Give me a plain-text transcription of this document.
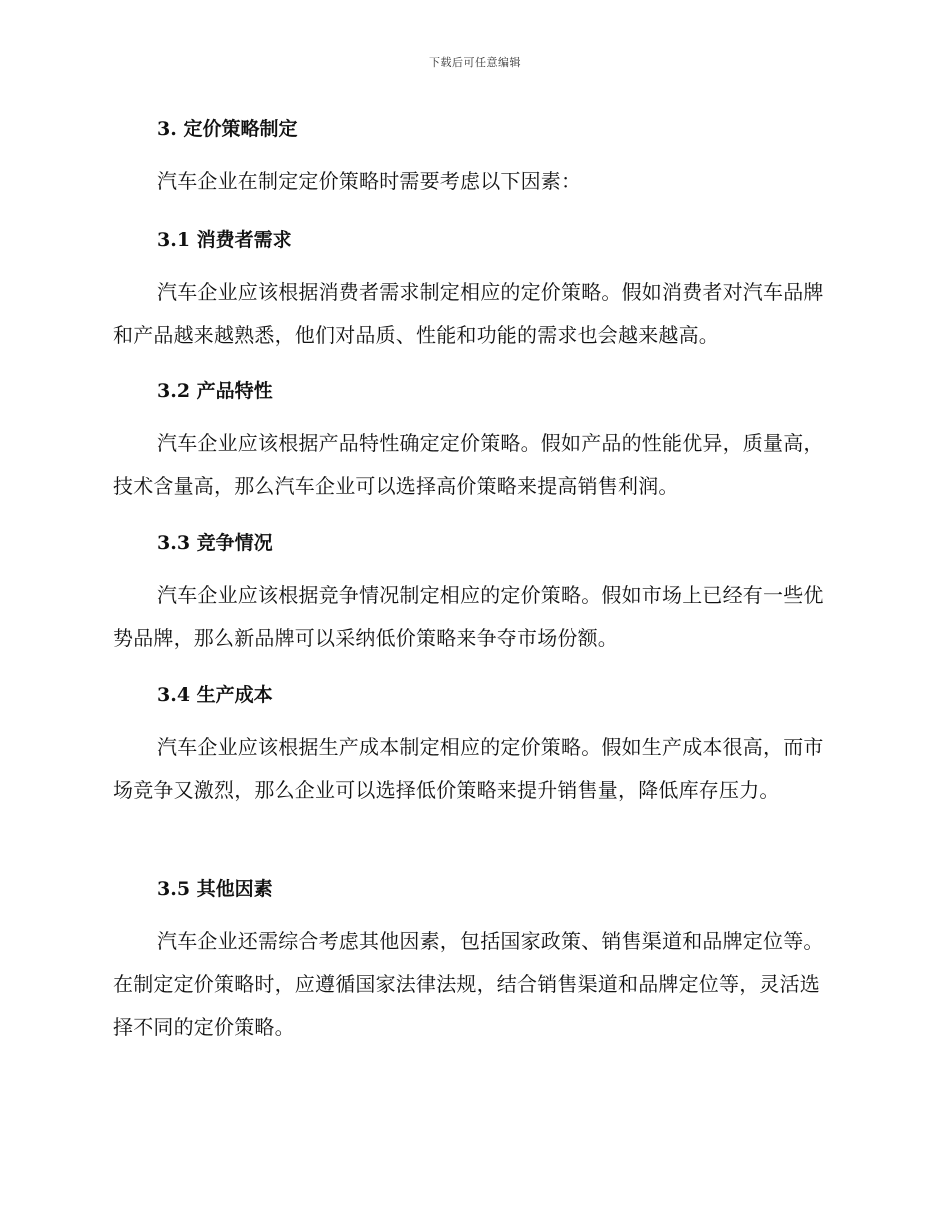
下载后可任意编辑
3. 定价策略制定

汽车企业在制定定价策略时需要考虑以下因素：

3.1 消费者需求

汽车企业应该根据消费者需求制定相应的定价策略。假如消费者对汽车品牌和产品越来越熟悉，他们对品质、性能和功能的需求也会越来越高。

3.2 产品特性

汽车企业应该根据产品特性确定定价策略。假如产品的性能优异，质量高，技术含量高，那么汽车企业可以选择高价策略来提高销售利润。

3.3 竞争情况

汽车企业应该根据竞争情况制定相应的定价策略。假如市场上已经有一些优势品牌，那么新品牌可以采纳低价策略来争夺市场份额。

3.4 生产成本

汽车企业应该根据生产成本制定相应的定价策略。假如生产成本很高，而市场竞争又激烈，那么企业可以选择低价策略来提升销售量，降低库存压力。

3.5 其他因素

汽车企业还需综合考虑其他因素，包括国家政策、销售渠道和品牌定位等。在制定定价策略时，应遵循国家法律法规，结合销售渠道和品牌定位等，灵活选择不同的定价策略。
